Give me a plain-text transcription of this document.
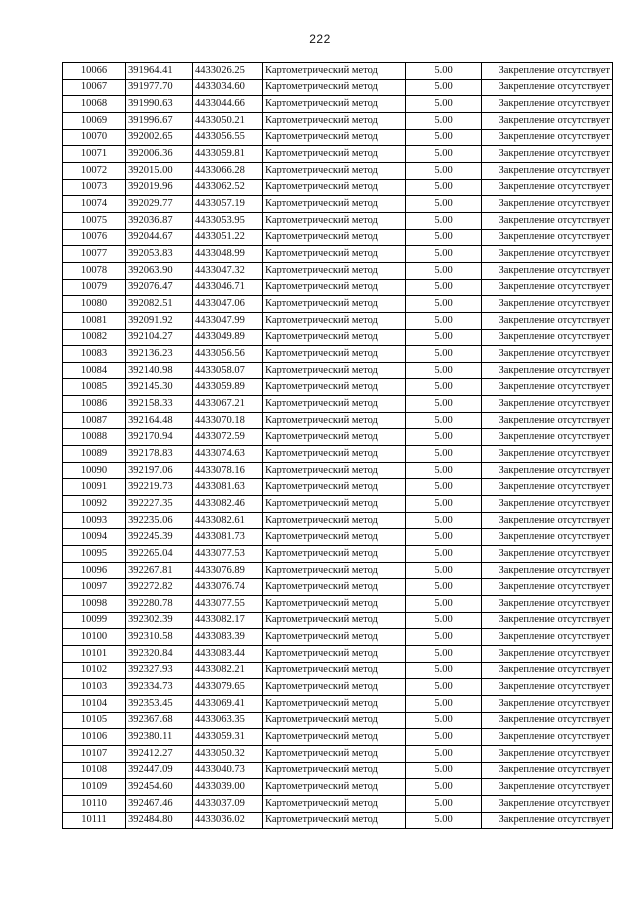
222
10066	391964.41	4433026.25	Картометрический метод	5.00	Закрепление отсутствует
10067	391977.70	4433034.60	Картометрический метод	5.00	Закрепление отсутствует
10068	391990.63	4433044.66	Картометрический метод	5.00	Закрепление отсутствует
10069	391996.67	4433050.21	Картометрический метод	5.00	Закрепление отсутствует
10070	392002.65	4433056.55	Картометрический метод	5.00	Закрепление отсутствует
10071	392006.36	4433059.81	Картометрический метод	5.00	Закрепление отсутствует
10072	392015.00	4433066.28	Картометрический метод	5.00	Закрепление отсутствует
10073	392019.96	4433062.52	Картометрический метод	5.00	Закрепление отсутствует
10074	392029.77	4433057.19	Картометрический метод	5.00	Закрепление отсутствует
10075	392036.87	4433053.95	Картометрический метод	5.00	Закрепление отсутствует
10076	392044.67	4433051.22	Картометрический метод	5.00	Закрепление отсутствует
10077	392053.83	4433048.99	Картометрический метод	5.00	Закрепление отсутствует
10078	392063.90	4433047.32	Картометрический метод	5.00	Закрепление отсутствует
10079	392076.47	4433046.71	Картометрический метод	5.00	Закрепление отсутствует
10080	392082.51	4433047.06	Картометрический метод	5.00	Закрепление отсутствует
10081	392091.92	4433047.99	Картометрический метод	5.00	Закрепление отсутствует
10082	392104.27	4433049.89	Картометрический метод	5.00	Закрепление отсутствует
10083	392136.23	4433056.56	Картометрический метод	5.00	Закрепление отсутствует
10084	392140.98	4433058.07	Картометрический метод	5.00	Закрепление отсутствует
10085	392145.30	4433059.89	Картометрический метод	5.00	Закрепление отсутствует
10086	392158.33	4433067.21	Картометрический метод	5.00	Закрепление отсутствует
10087	392164.48	4433070.18	Картометрический метод	5.00	Закрепление отсутствует
10088	392170.94	4433072.59	Картометрический метод	5.00	Закрепление отсутствует
10089	392178.83	4433074.63	Картометрический метод	5.00	Закрепление отсутствует
10090	392197.06	4433078.16	Картометрический метод	5.00	Закрепление отсутствует
10091	392219.73	4433081.63	Картометрический метод	5.00	Закрепление отсутствует
10092	392227.35	4433082.46	Картометрический метод	5.00	Закрепление отсутствует
10093	392235.06	4433082.61	Картометрический метод	5.00	Закрепление отсутствует
10094	392245.39	4433081.73	Картометрический метод	5.00	Закрепление отсутствует
10095	392265.04	4433077.53	Картометрический метод	5.00	Закрепление отсутствует
10096	392267.81	4433076.89	Картометрический метод	5.00	Закрепление отсутствует
10097	392272.82	4433076.74	Картометрический метод	5.00	Закрепление отсутствует
10098	392280.78	4433077.55	Картометрический метод	5.00	Закрепление отсутствует
10099	392302.39	4433082.17	Картометрический метод	5.00	Закрепление отсутствует
10100	392310.58	4433083.39	Картометрический метод	5.00	Закрепление отсутствует
10101	392320.84	4433083.44	Картометрический метод	5.00	Закрепление отсутствует
10102	392327.93	4433082.21	Картометрический метод	5.00	Закрепление отсутствует
10103	392334.73	4433079.65	Картометрический метод	5.00	Закрепление отсутствует
10104	392353.45	4433069.41	Картометрический метод	5.00	Закрепление отсутствует
10105	392367.68	4433063.35	Картометрический метод	5.00	Закрепление отсутствует
10106	392380.11	4433059.31	Картометрический метод	5.00	Закрепление отсутствует
10107	392412.27	4433050.32	Картометрический метод	5.00	Закрепление отсутствует
10108	392447.09	4433040.73	Картометрический метод	5.00	Закрепление отсутствует
10109	392454.60	4433039.00	Картометрический метод	5.00	Закрепление отсутствует
10110	392467.46	4433037.09	Картометрический метод	5.00	Закрепление отсутствует
10111	392484.80	4433036.02	Картометрический метод	5.00	Закрепление отсутствует
